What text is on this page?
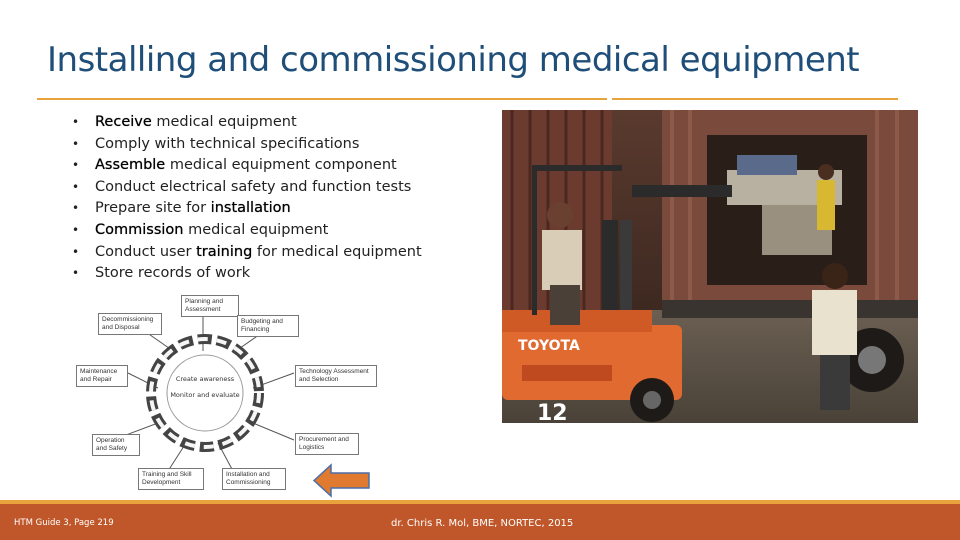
Installing and commissioning medical equipment
• Receive medical equipment
• Comply with technical specifications
• Assemble medical equipment component
• Conduct electrical safety and function tests
• Prepare site for installation
• Commission medical equipment
• Conduct user training for medical equipment
• Store records of work
TOYOTA
12
Create awareness
Monitor and evaluate
Planning and Assessment
Budgeting and Financing
Technology Assessment and Selection
Procurement and Logistics
Installation and Commissioning
Training and Skill Development
Operation and Safety
Maintenance and Repair
Decommissioning and Disposal
Unit B 9.4 Installing and Commissioning medical equipment
Module 279 09 B Medical Equipment Management and Maintenance
HTM Guide 3, Page 219	dr. Chris R. Mol, BME, NORTEC, 2015
